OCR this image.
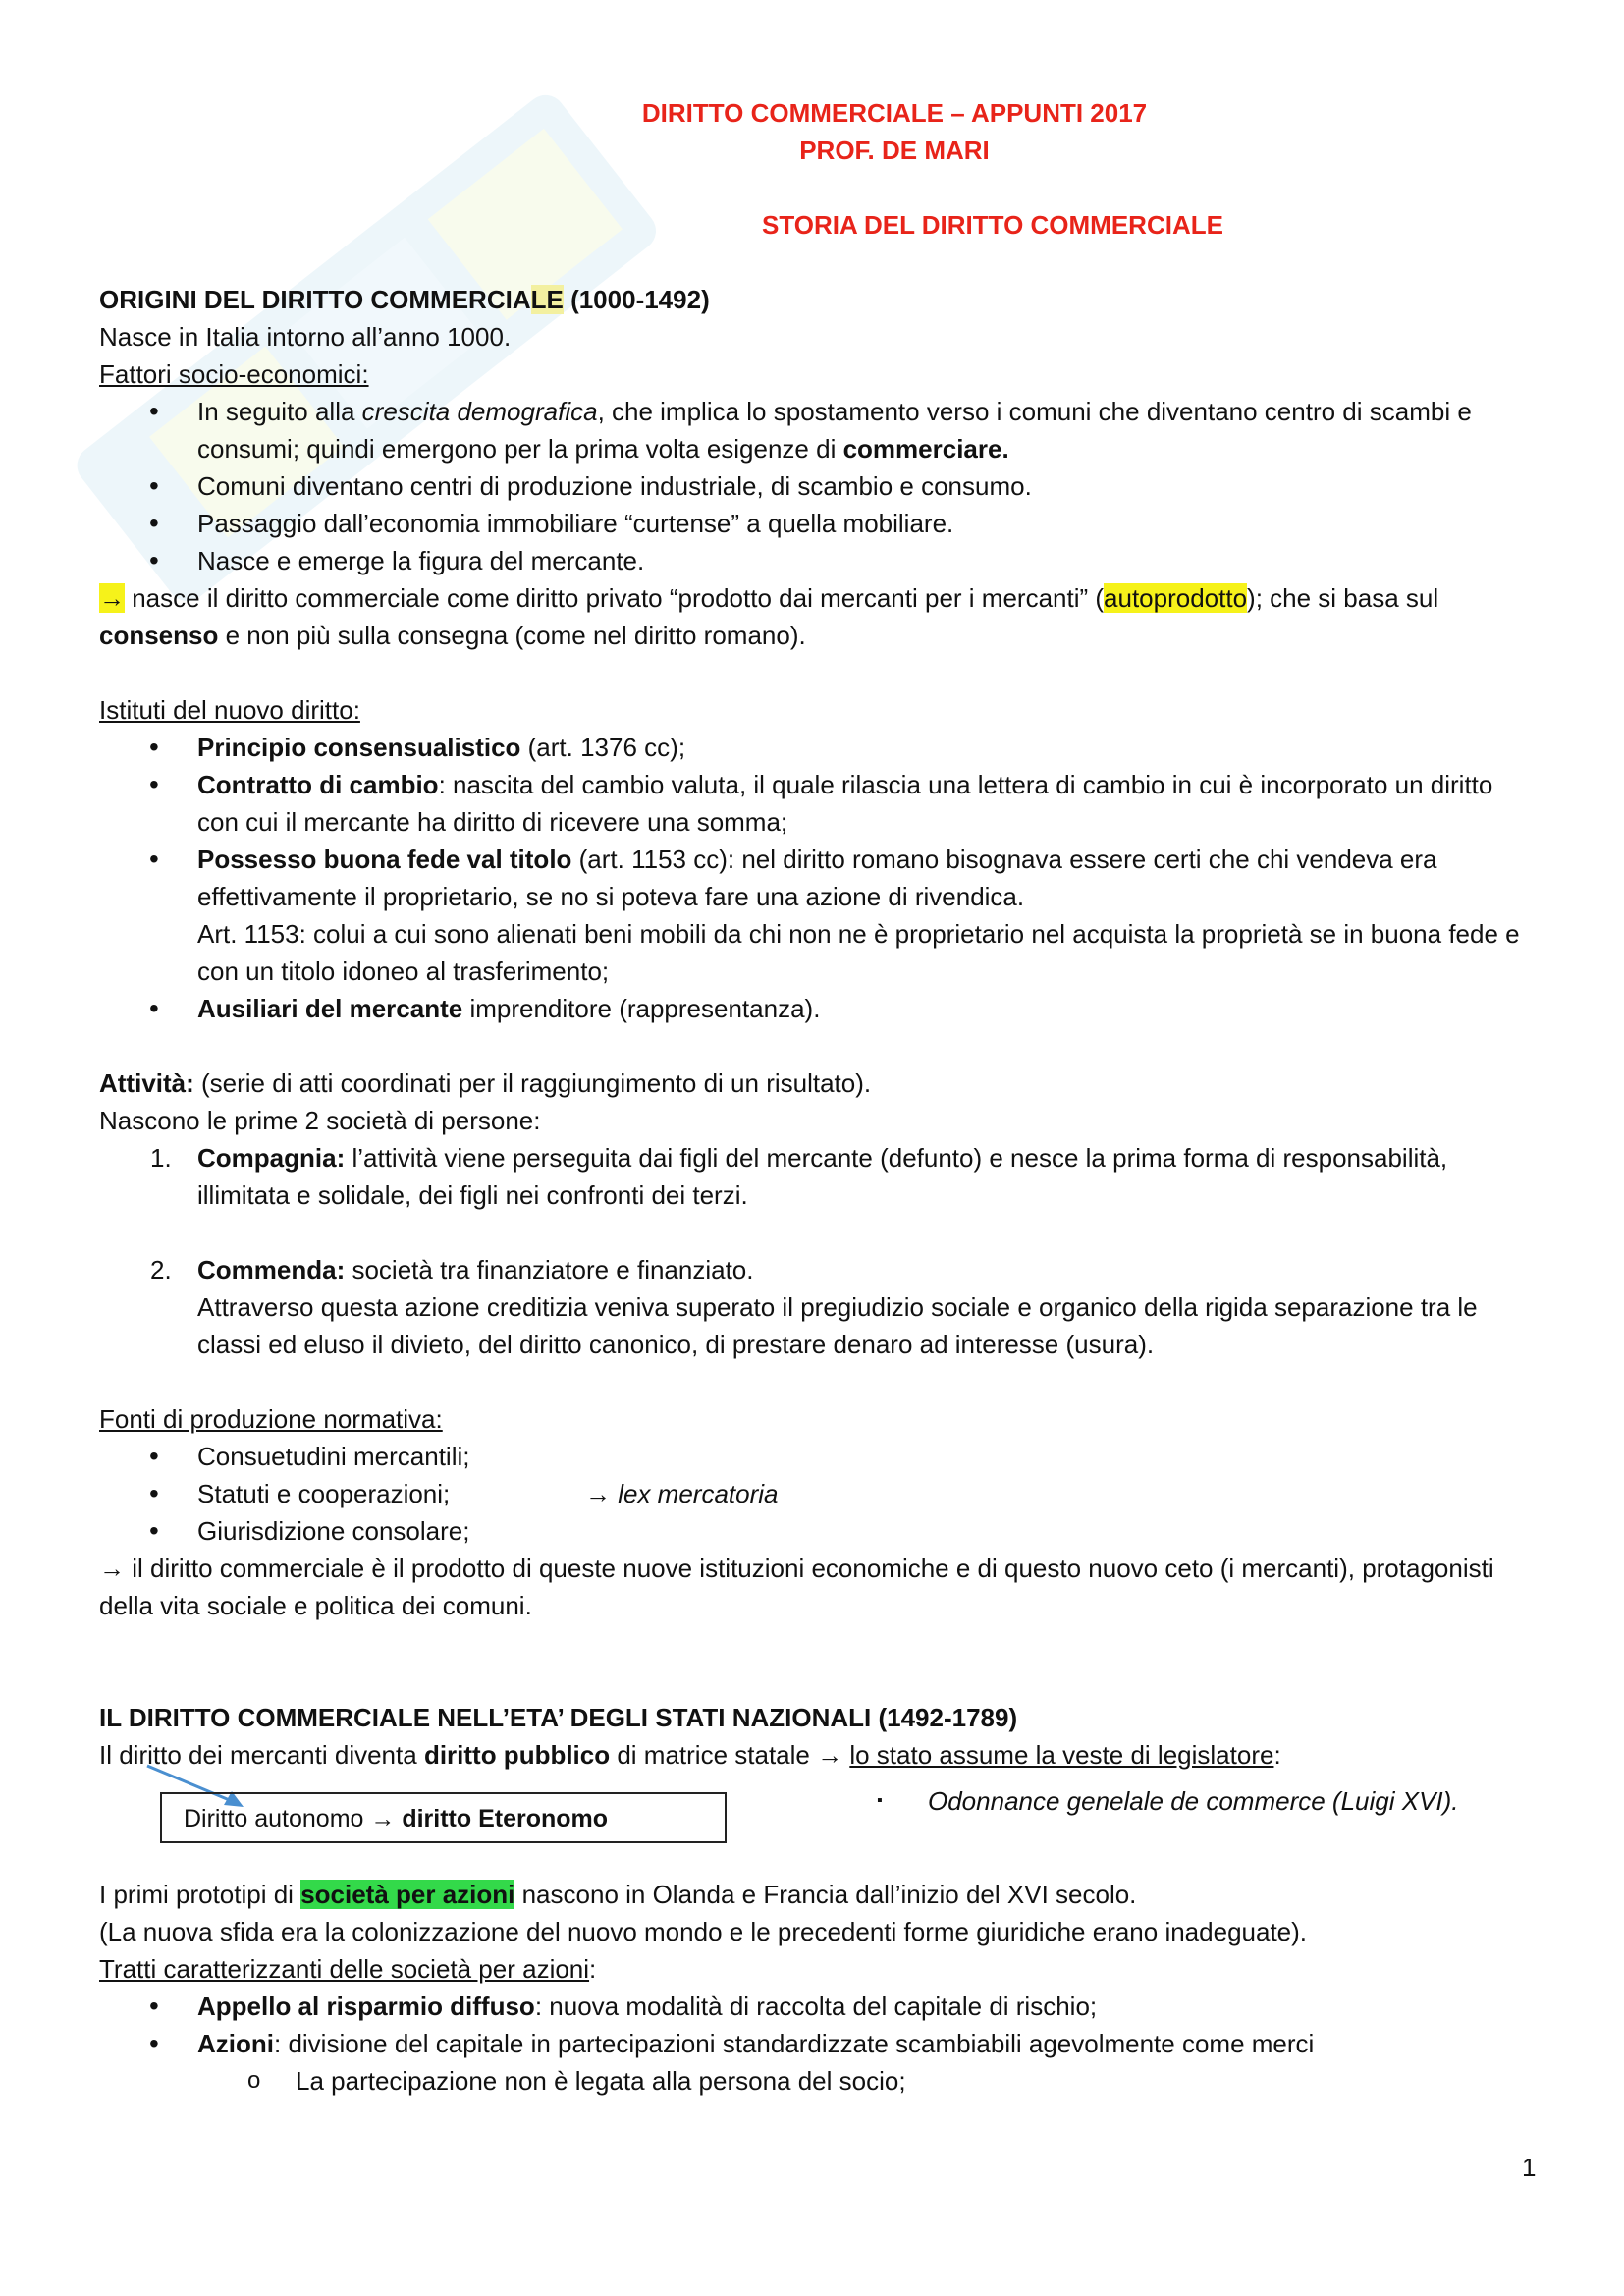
DIRITTO COMMERCIALE – APPUNTI 2017

PROF. DE MARI

STORIA DEL DIRITTO COMMERCIALE

ORIGINI DEL DIRITTO COMMERCIALE (1000-1492)

Nasce in Italia intorno all’anno 1000.

Fattori socio-economici:

• In seguito alla crescita demografica, che implica lo spostamento verso i comuni che diventano centro di scambi e consumi; quindi emergono per la prima volta esigenze di commerciare.
• Comuni diventano centri di produzione industriale, di scambio e consumo.
• Passaggio dall’economia immobiliare “curtense” a quella mobiliare.
• Nasce e emerge la figura del mercante.

→ nasce il diritto commerciale come diritto privato “prodotto dai mercanti per i mercanti” (autoprodotto); che si basa sul consenso e non più sulla consegna (come nel diritto romano).

Istituti del nuovo diritto:

• Principio consensualistico (art. 1376 cc);
• Contratto di cambio: nascita del cambio valuta, il quale rilascia una lettera di cambio in cui è incorporato un diritto con cui il mercante ha diritto di ricevere una somma;
• Possesso buona fede val titolo (art. 1153 cc): nel diritto romano bisognava essere certi che chi vendeva era effettivamente il proprietario, se no si poteva fare una azione di rivendica.
Art. 1153: colui a cui sono alienati beni mobili da chi non ne è proprietario nel acquista la proprietà se in buona fede e con un titolo idoneo al trasferimento;
• Ausiliari del mercante imprenditore (rappresentanza).

Attività: (serie di atti coordinati per il raggiungimento di un risultato).

Nascono le prime 2 società di persone:

1. Compagnia: l’attività viene perseguita dai figli del mercante (defunto) e nesce la prima forma di responsabilità, illimitata e solidale, dei figli nei confronti dei terzi.
2. Commenda: società tra finanziatore e finanziato.
Attraverso questa azione creditizia veniva superato il pregiudizio sociale e organico della rigida separazione tra le classi ed eluso il divieto, del diritto canonico, di prestare denaro ad interesse (usura).

Fonti di produzione normativa:

• Consuetudini mercantili;
• Statuti e cooperazioni;	→ lex mercatoria
• Giurisdizione consolare;

→ il diritto commerciale è il prodotto di queste nuove istituzioni economiche e di questo nuovo ceto (i mercanti), protagonisti della vita sociale e politica dei comuni.

IL DIRITTO COMMERCIALE NELL’ETA’ DEGLI STATI NAZIONALI (1492-1789)

Il diritto dei mercanti diventa diritto pubblico di matrice statale → lo stato assume la veste di legislatore:

I primi prototipi di società per azioni nascono in Olanda e Francia dall’inizio del XVI secolo.

(La nuova sfida era la colonizzazione del nuovo mondo e le precedenti forme giuridiche erano inadeguate).

Tratti caratterizzanti delle società per azioni:

• Appello al risparmio diffuso: nuova modalità di raccolta del capitale di rischio;
• Azioni: divisione del capitale in partecipazioni standardizzate scambiabili agevolmente come merci
o La partecipazione non è legata alla persona del socio;
Diritto autonomo → diritto Eteronomo
▪ Odonnance genelale de commerce (Luigi XVI).
1
